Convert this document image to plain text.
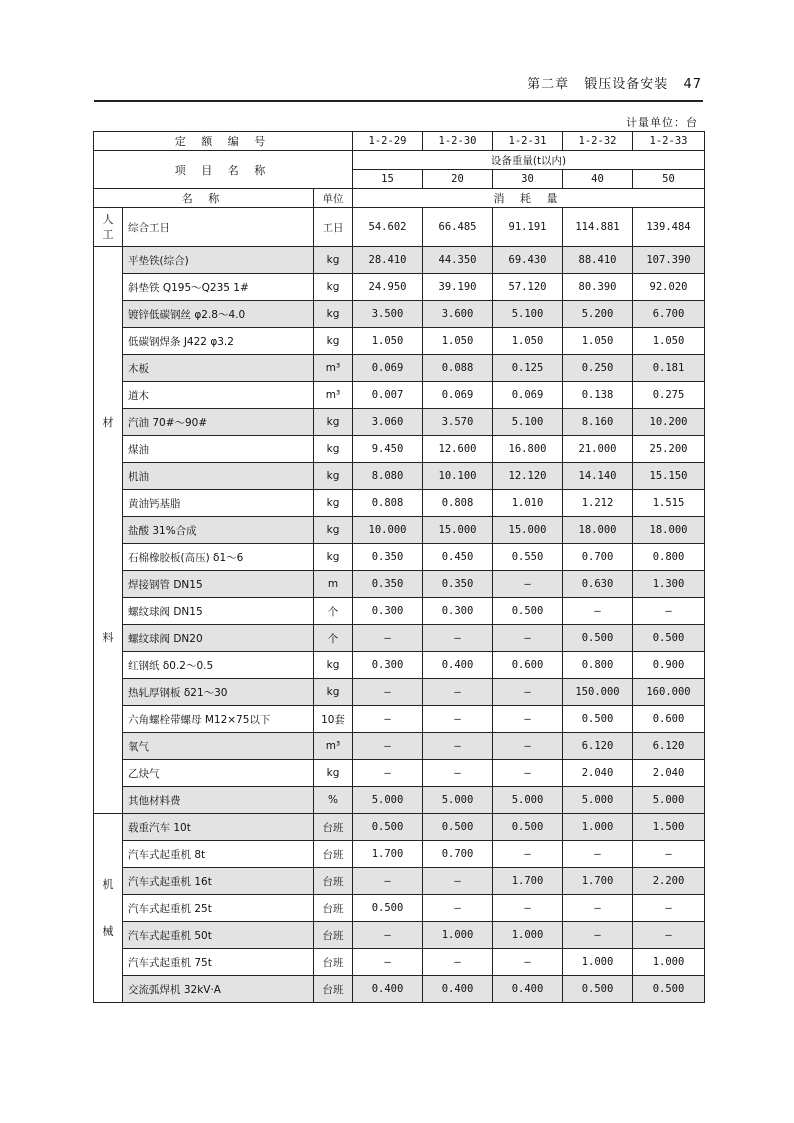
第二章 锻压设备安装 47
计量单位：台
定 额 编 号			1-2-29	1-2-30	1-2-31	1-2-32	1-2-33
项 目 名 称			设备重量(t以内)				
			15	20	30	40	50
名 称		单位	消 耗 量				
人工	综合工日	工日	54.602	66.485	91.191	114.881	139.484

材
料	平垫铁(综合)	kg	28.410	44.350	69.430	88.410	107.390
	斜垫铁 Q195～Q235 1#	kg	24.950	39.190	57.120	80.390	92.020
	镀锌低碳钢丝 φ2.8～4.0	kg	3.500	3.600	5.100	5.200	6.700
	低碳钢焊条 J422 φ3.2	kg	1.050	1.050	1.050	1.050	1.050
	木板	m³	0.069	0.088	0.125	0.250	0.181
	道木	m³	0.007	0.069	0.069	0.138	0.275
	汽油 70#～90#	kg	3.060	3.570	5.100	8.160	10.200
	煤油	kg	9.450	12.600	16.800	21.000	25.200
	机油	kg	8.080	10.100	12.120	14.140	15.150
	黄油钙基脂	kg	0.808	0.808	1.010	1.212	1.515
	盐酸 31%合成	kg	10.000	15.000	15.000	18.000	18.000
	石棉橡胶板(高压) δ1～6	kg	0.350	0.450	0.550	0.700	0.800
	焊接钢管 DN15	m	0.350	0.350	—	0.630	1.300
	螺纹球阀 DN15	个	0.300	0.300	0.500	—	—
	螺纹球阀 DN20	个	—	—	—	0.500	0.500
	红钢纸 δ0.2～0.5	kg	0.300	0.400	0.600	0.800	0.900
	热轧厚钢板 δ21～30	kg	—	—	—	150.000	160.000
	六角螺栓带螺母 M12×75以下	10套	—	—	—	0.500	0.600
	氧气	m³	—	—	—	6.120	6.120
	乙炔气	kg	—	—	—	2.040	2.040
	其他材料费	%	5.000	5.000	5.000	5.000	5.000

机
械	载重汽车 10t	台班	0.500	0.500	0.500	1.000	1.500
	汽车式起重机 8t	台班	1.700	0.700	—	—	—
	汽车式起重机 16t	台班	—	—	1.700	1.700	2.200
	汽车式起重机 25t	台班	0.500	—	—	—	—
	汽车式起重机 50t	台班	—	1.000	1.000	—	—
	汽车式起重机 75t	台班	—	—	—	1.000	1.000
	交流弧焊机 32kV·A	台班	0.400	0.400	0.400	0.500	0.500
